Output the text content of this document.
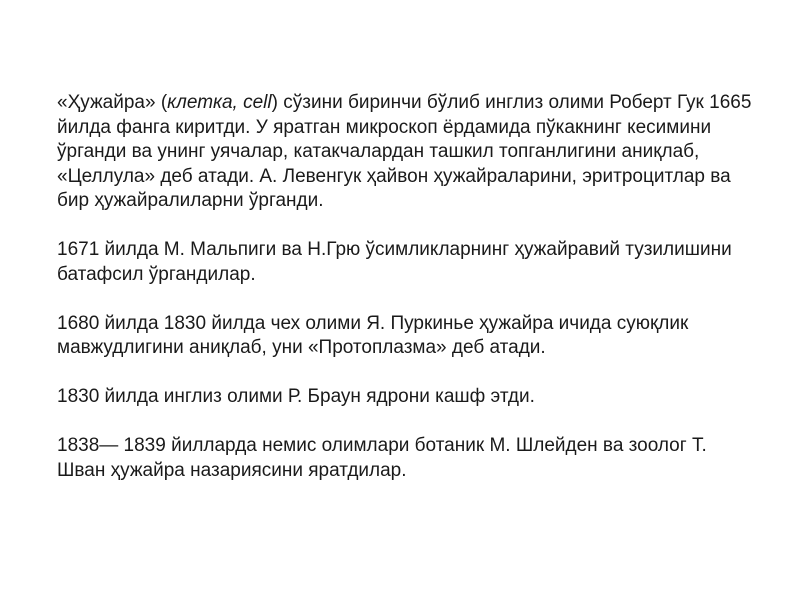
«Ҳужайра» (клетка, cell) сўзини биринчи бўлиб инглиз олими Роберт Гук 1665 йилда фанга киритди. У яратган микроскоп ёрдамида пўкакнинг кесимини ўрганди ва унинг уячалар, катакчалардан ташкил топганлигини аниқлаб, «Целлула» деб атади. А. Левенгук ҳайвон ҳужайраларини, эритроцитлар ва бир ҳужайралиларни ўрганди.

1671 йилда М. Мальпиги ва Н.Грю ўсимликларнинг ҳужайравий тузилишини батафсил ўргандилар.

1680 йилда 1830 йилда чех олими Я. Пуркинье ҳужайра ичида суюқлик мавжудлигини аниқлаб, уни «Протоплазма» деб атади.

1830 йилда инглиз олими Р. Браун ядрони кашф этди.

1838— 1839 йилларда немис олимлари ботаник М. Шлейден ва зоолог Т. Шван ҳужайра назариясини яратдилар.
